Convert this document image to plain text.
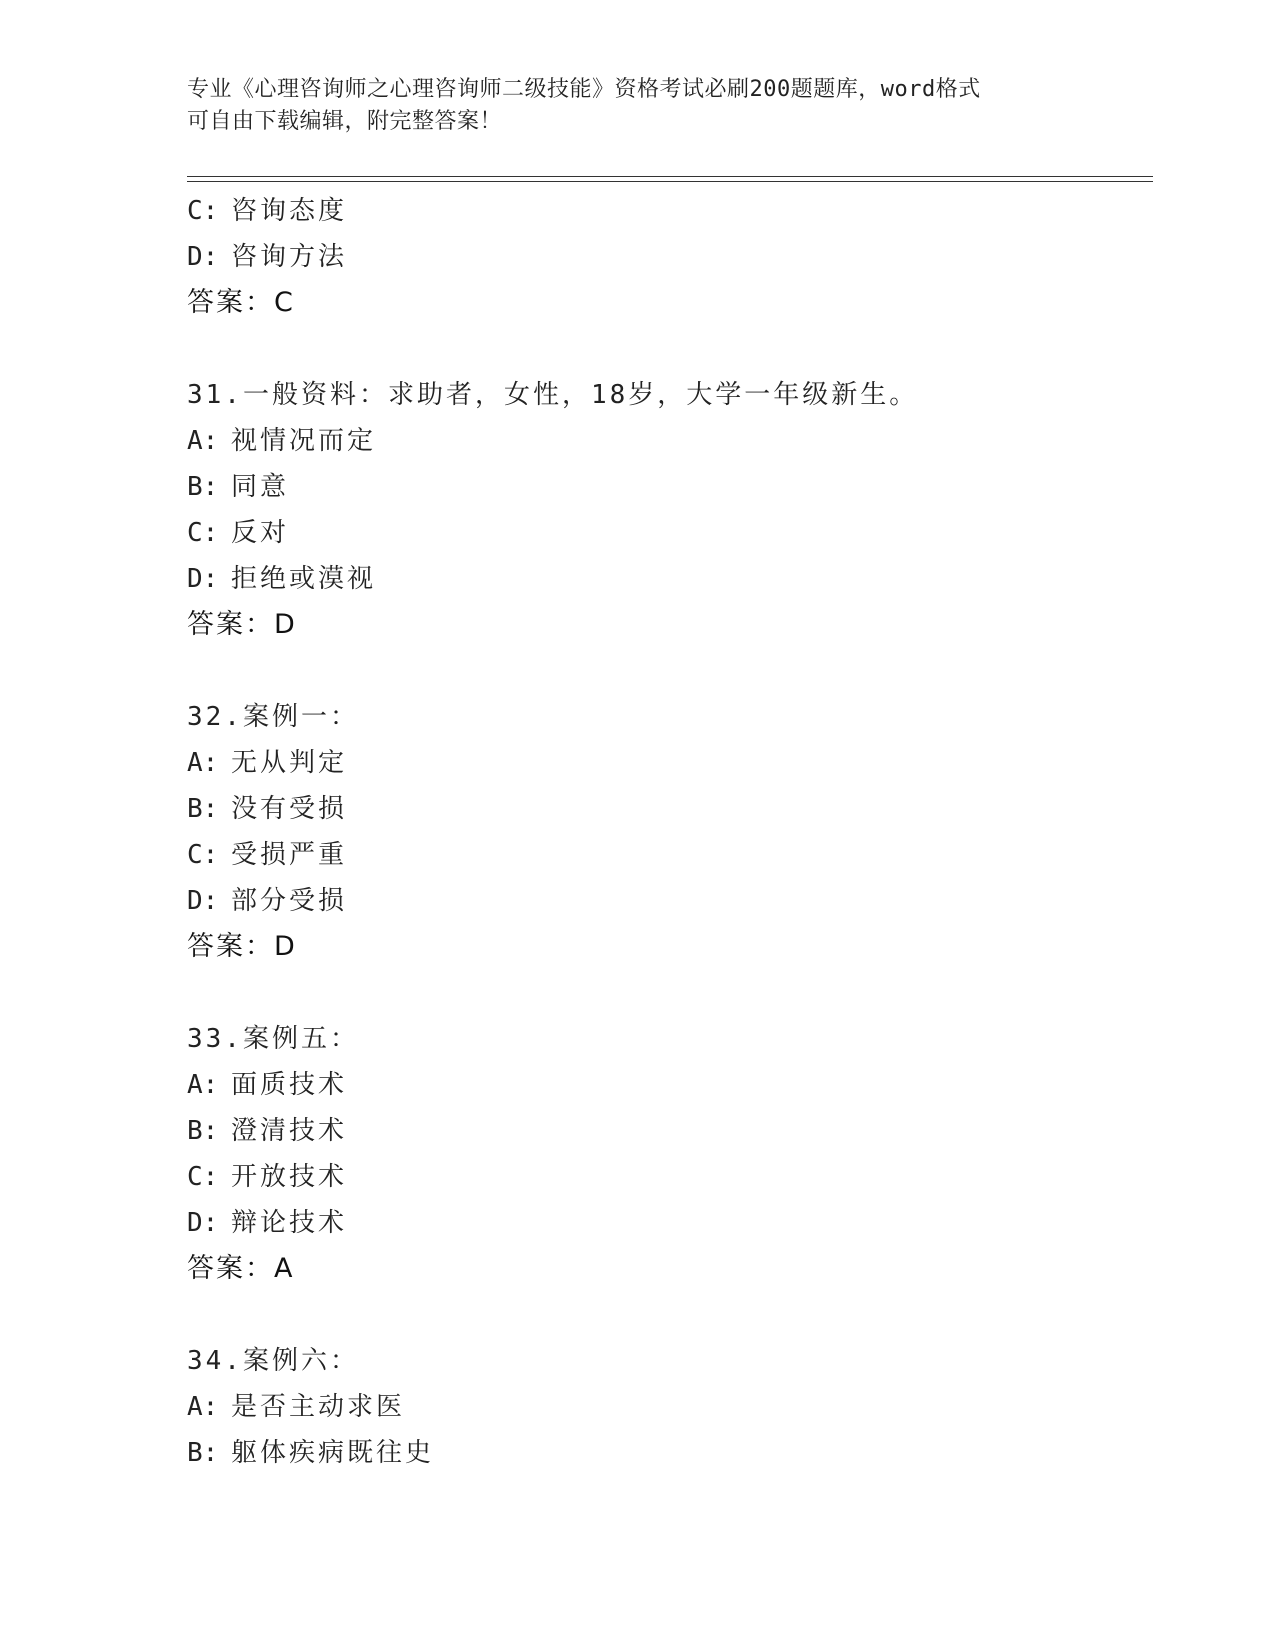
专业《心理咨询师之心理咨询师二级技能》资格考试必刷200题题库，word格式
可自由下载编辑，附完整答案！
C: 咨询态度
D: 咨询方法
答案：C
31.一般资料：求助者，女性，18岁，大学一年级新生。
A: 视情况而定
B: 同意
C: 反对
D: 拒绝或漠视
答案：D
32.案例一：
A: 无从判定
B: 没有受损
C: 受损严重
D: 部分受损
答案：D
33.案例五：
A: 面质技术
B: 澄清技术
C: 开放技术
D: 辩论技术
答案：A
34.案例六：
A: 是否主动求医
B: 躯体疾病既往史
